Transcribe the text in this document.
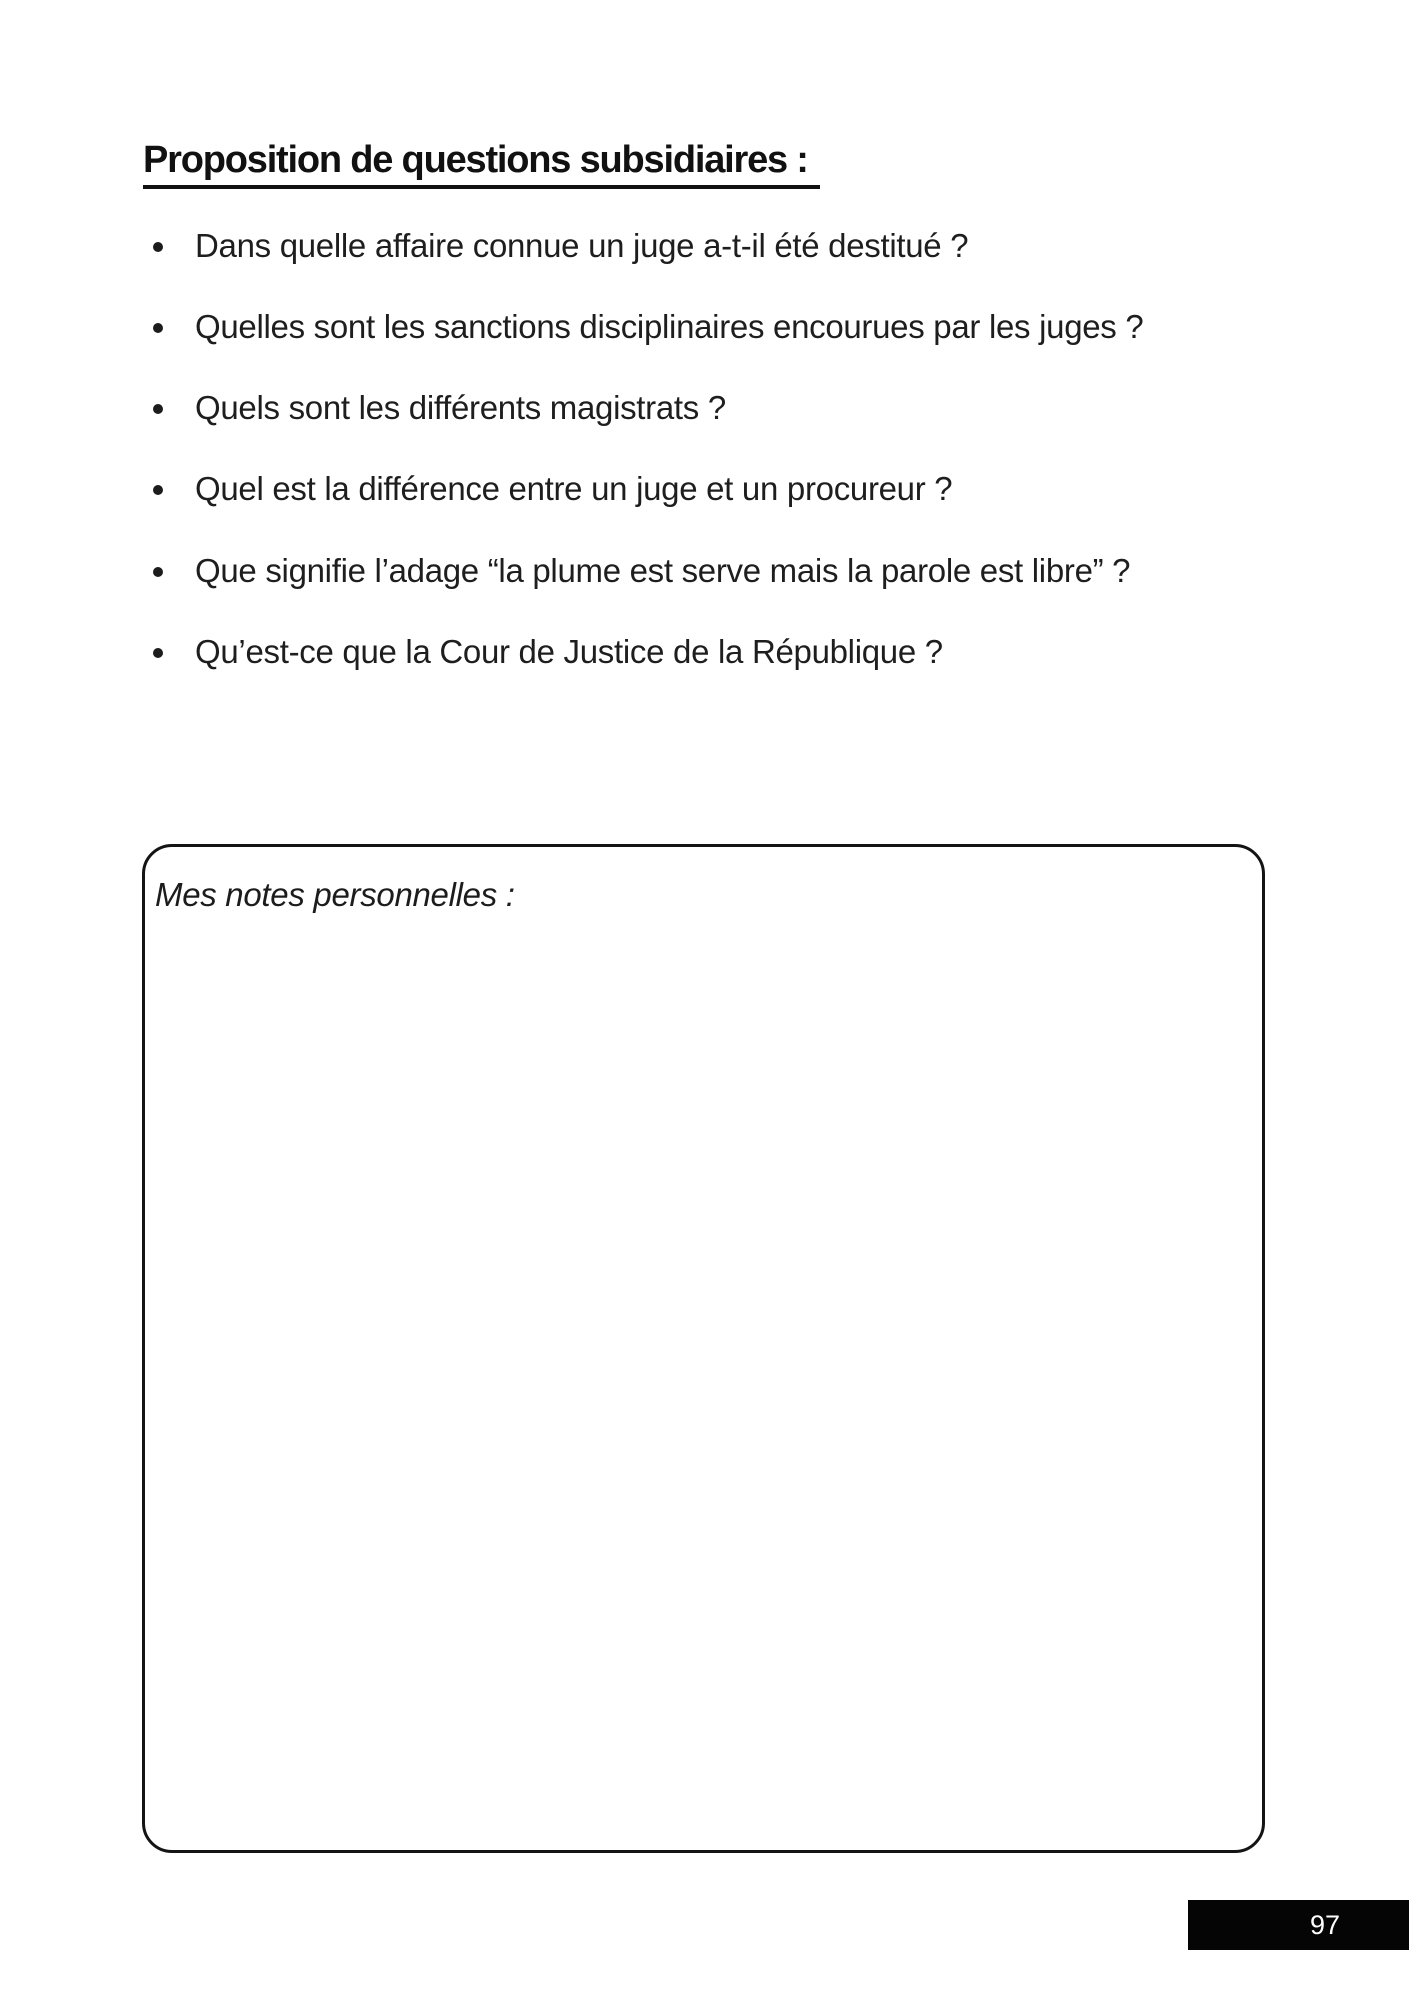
Proposition de questions subsidiaires :
Dans quelle affaire connue un juge a-t-il été destitué ?
Quelles sont les sanctions disciplinaires encourues par les juges ?
Quels sont les différents magistrats ?
Quel est la différence entre un juge et un procureur ?
Que signifie l’adage “la plume est serve mais la parole est libre” ?
Qu’est-ce que la Cour de Justice de la République ?
Mes notes personnelles :
97
